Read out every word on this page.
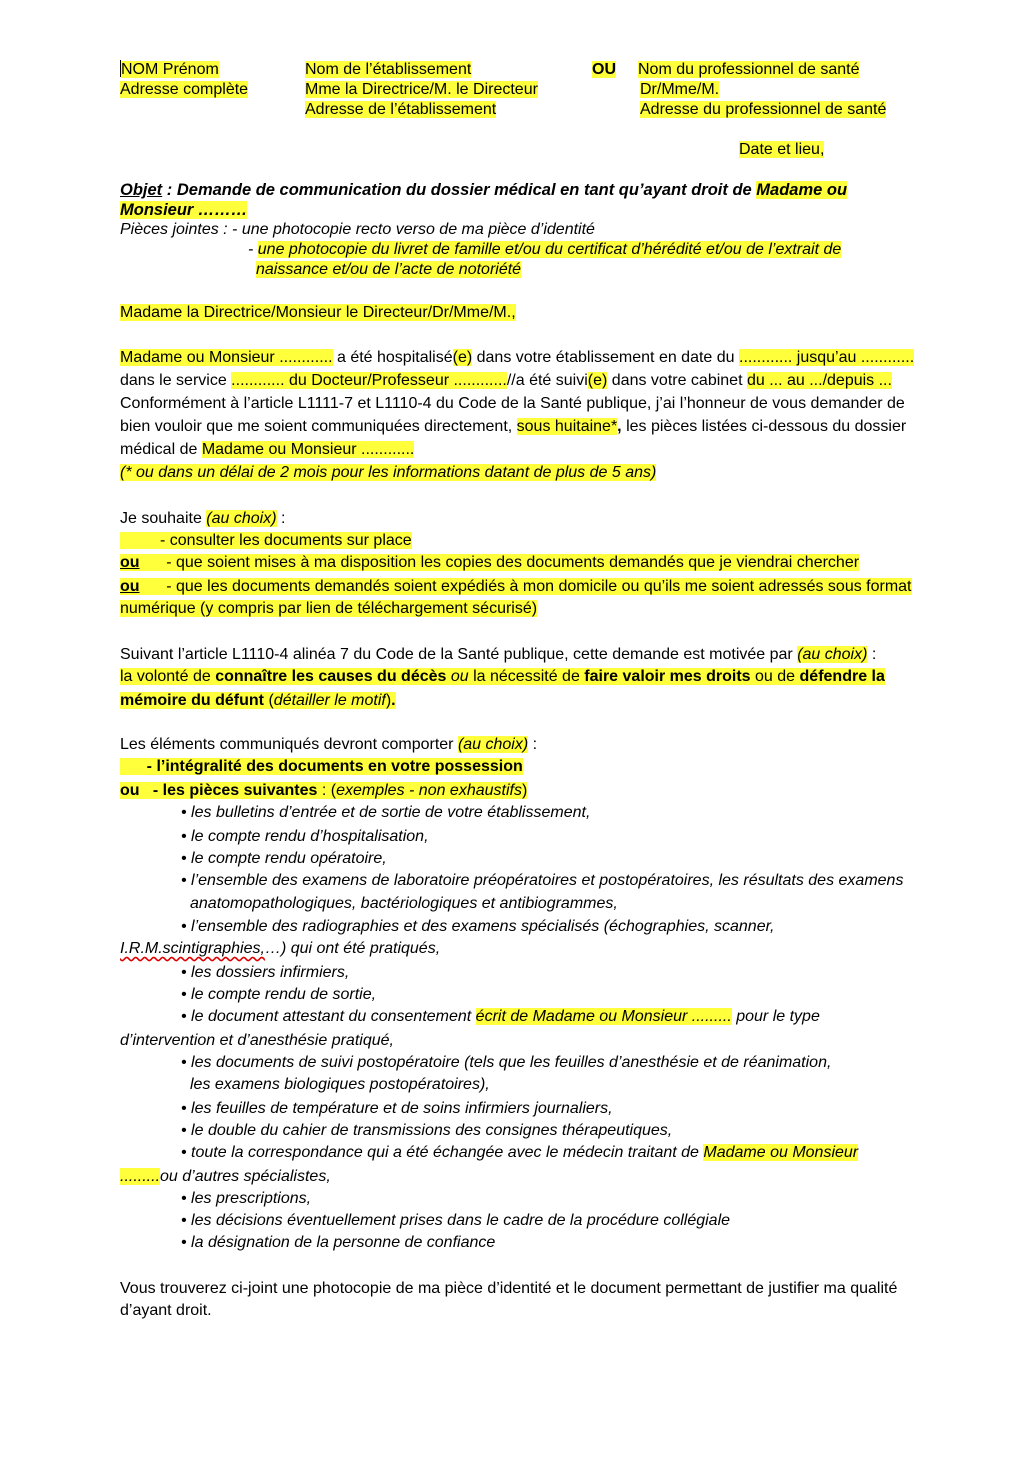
NOM Prénom
Adresse complète
Nom de l’établissement
Mme la Directrice/M. le Directeur
Adresse de l’établissement
OU Nom du professionnel de santé
Dr/Mme/M.
Adresse du professionnel de santé
Date et lieu,
Objet : Demande de communication du dossier médical en tant qu’ayant droit de Madame ou
Monsieur ………
Pièces jointes : - une photocopie recto verso de ma pièce d’identité
- une photocopie du livret de famille et/ou du certificat d’hérédité et/ou de l’extrait de
naissance et/ou de l’acte de notoriété
Madame la Directrice/Monsieur le Directeur/Dr/Mme/M.,
Madame ou Monsieur ............ a été hospitalisé(e) dans votre établissement en date du ............ jusqu’au ............
dans le service ............ du Docteur/Professeur ............//a été suivi(e) dans votre cabinet du ... au .../depuis ...
Conformément à l’article L1111-7 et L1110-4 du Code de la Santé publique, j’ai l’honneur de vous demander de
bien vouloir que me soient communiquées directement, sous huitaine*, les pièces listées ci-dessous du dossier
médical de Madame ou Monsieur ............
(* ou dans un délai de 2 mois pour les informations datant de plus de 5 ans)
Je souhaite (au choix) :
- consulter les documents sur place
ou      - que soient mises à ma disposition les copies des documents demandés que je viendrai chercher
ou      - que les documents demandés soient expédiés à mon domicile ou qu’ils me soient adressés sous format
numérique (y compris par lien de téléchargement sécurisé)
Suivant l’article L1110-4 alinéa 7 du Code de la Santé publique, cette demande est motivée par (au choix) :
la volonté de connaître les causes du décès ou la nécessité de faire valoir mes droits ou de défendre la
mémoire du défunt (détailler le motif).
Les éléments communiqués devront comporter (au choix) :
- l’intégralité des documents en votre possession
ou   - les pièces suivantes : (exemples - non exhaustifs)
• les bulletins d’entrée et de sortie de votre établissement,
• le compte rendu d’hospitalisation,
• le compte rendu opératoire,
• l’ensemble des examens de laboratoire préopératoires et postopératoires, les résultats des examens
anatomopathologiques, bactériologiques et antibiogrammes,
• l’ensemble des radiographies et des examens spécialisés (échographies, scanner,
I.R.M.scintigraphies,…) qui ont été pratiqués,
• les dossiers infirmiers,
• le compte rendu de sortie,
• le document attestant du consentement écrit de Madame ou Monsieur ......... pour le type
d’intervention et d’anesthésie pratiqué,
• les documents de suivi postopératoire (tels que les feuilles d’anesthésie et de réanimation,
les examens biologiques postopératoires),
• les feuilles de température et de soins infirmiers journaliers,
• le double du cahier de transmissions des consignes thérapeutiques,
• toute la correspondance qui a été échangée avec le médecin traitant de Madame ou Monsieur
.........ou d’autres spécialistes,
• les prescriptions,
• les décisions éventuellement prises dans le cadre de la procédure collégiale
• la désignation de la personne de confiance
Vous trouverez ci-joint une photocopie de ma pièce d’identité et le document permettant de justifier ma qualité
d’ayant droit.
